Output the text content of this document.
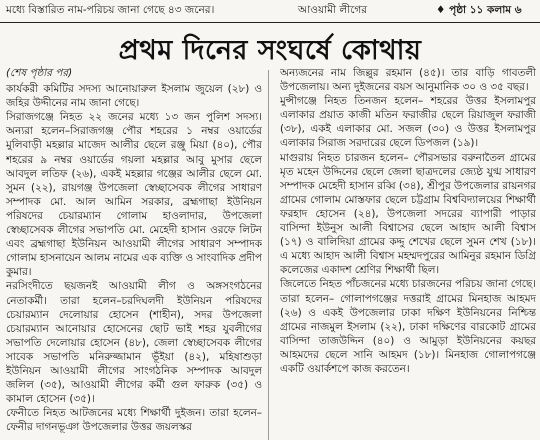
মধ্যে বিস্তারিত নাম-পরিচয় জানা গেছে ৪৩ জনের।	আওয়ামী লীগের	♦ পৃষ্ঠা ১১ কলাম ৬
প্রথম দিনের সংঘর্ষে কোথায়

(শেষ পৃষ্ঠার পর)

কার্যকরী কমিটির সদস্য আনোয়ারুল ইসলাম জুয়েল (২৮) ও জহির উদ্দীনের নাম জানা গেছে।

সিরাজগঞ্জে নিহত ২২ জনের মধ্যে ১৩ জন পুলিশ সদস্য। অন্যরা হলেন–সিরাজগঞ্জ পৌর শহরের ১ নম্বর ওয়ার্ডের মুলিবাড়ী মহল্লার মাজেদ আলীর ছেলে রঞ্জু মিয়া (৪০), পৌর শহরের ৯ নম্বর ওয়ার্ডের গয়লা মহল্লার আবু মুসার ছেলে আবদুল লতিফ (২৬), একই মহল্লার গঞ্জের আলীর ছেলে মো. সুমন (২২), রায়গঞ্জ উপজেলা স্বেচ্ছাসেবক লীগের সাধারণ সম্পাদক মো. আল আমিন সরকার, ব্রহ্মগাছা ইউনিয়ন পরিষদের চেয়ারম্যান গোলাম হাওলাদার, উপজেলা স্বেচ্ছাসেবক লীগের সভাপতি মো. মেহেদী হাসান ওরফে লিটন এবং ব্রহ্মগাছা ইউনিয়ন আওয়ামী লীগের সাধারণ সম্পাদক গোলাম হাসনায়েন আলম নামের এক ব্যক্তি ও সাংবাদিক প্রদীপ কুমার।

নরসিংদীতে ছয়জনই আওয়ামী লীগ ও অঙ্গসংগঠনের নেতাকর্মী। তারা হলেন–চরদিঘলদী ইউনিয়ন পরিষদের চেয়ারম্যান দেলোয়ার হোসেন (শাহীন), সদর উপজেলা চেয়ারম্যান আনোয়ার হোসেনের ছোট ভাই শহর যুবলীগের সভাপতি দেলোয়ার হোসেন (৪৮), জেলা স্বেচ্ছাসেবক লীগের সাবেক সভাপতি মনিরুজ্জামান ভূঁইয়া (৪২), মহিষাশুড়া ইউনিয়ন আওয়ামী লীগের সাংগঠনিক সম্পাদক আবদুল জলিল (৩৫), আওয়ামী লীগের কর্মী গুল ফারুক (৩৫) ও কামাল হোসেন (৩৫)।

ফেনীতে নিহত আটজনের মধ্যে শিক্ষার্থী দুইজন। তারা হলেন– ফেনীর দাগনভূঞা উপজেলার উত্তর জয়লস্কর

অন্যজনের নাম জিল্লুর রহমান (৪৫)। তার বাড়ি গাবতলী উপজেলায়। অন্য দুইজনের বয়স আনুমানিক ৩০ ও ৩৫ বছর।

মুন্সীগঞ্জে নিহত তিনজন হলেন– শহরের উত্তর ইসলামপুর এলাকার প্রয়াত কাজী মতিন ফরাজীর ছেলে রিয়াজুল ফরাজী (৩৮), একই এলাকার মো. সজল (৩০) ও উত্তর ইসলামপুর এলাকার সিরাজ সরদারের ছেলে ডিপজল (১৯)।

মাগুরায় নিহত চারজন হলেন– পৌরসভার বরুনাতৈল গ্রামের মৃত মহেন উদ্দিনের ছেলে জেলা ছাত্রদলের জ্যেষ্ঠ যুগ্ম সাধারণ সম্পাদক মেহেদী হাসান রব্বি (৩৪), শ্রীপুর উপজেলার রায়নগর গ্রামের গোলাম মোস্তফার ছেলে চট্টগ্রাম বিশ্ববিদ্যালয়ের শিক্ষার্থী ফরহাদ হোসেন (২৪), উপজেলা সদরের ব্যাপারী পাড়ার বাসিন্দা ইউনুস আলী বিশ্বাসের ছেলে আহাদ আলী বিশ্বাস (১৭) ও বালিদিয়া গ্রামের কদ্দু শেখের ছেলে সুমন শেখ (১৮)। এ মধ্যে আহাদ আলী বিশ্বাস মহম্মদপুরের আমিনুর রহমান ডিগ্রি কলেজের একাদশ শ্রেণির শিক্ষার্থী ছিল।

জিলেতে নিহত পাঁচজনের মধ্যে চারজনের পরিচয় জানা গেছে। তারা হলেন– গোলাপগঞ্জের দত্তরাই গ্রামের মিনহাজ আহমদ (২৬) ও একই উপজেলার ঢাকা দক্ষিণ ইউনিয়নের নিশ্চিন্ত গ্রামের নাজমুল ইসলাম (২২), ঢাকা দক্ষিণের বারকোট গ্রামের বাসিন্দা তাজউদ্দিন (৪০) ও আমুড়া ইউনিয়নের কয়ছর আহমদের ছেলে সানি আহমদ (১৮)। মিনহাজ গোলাপগঞ্জে একটি ওয়ার্কশপে কাজ করতেন।
